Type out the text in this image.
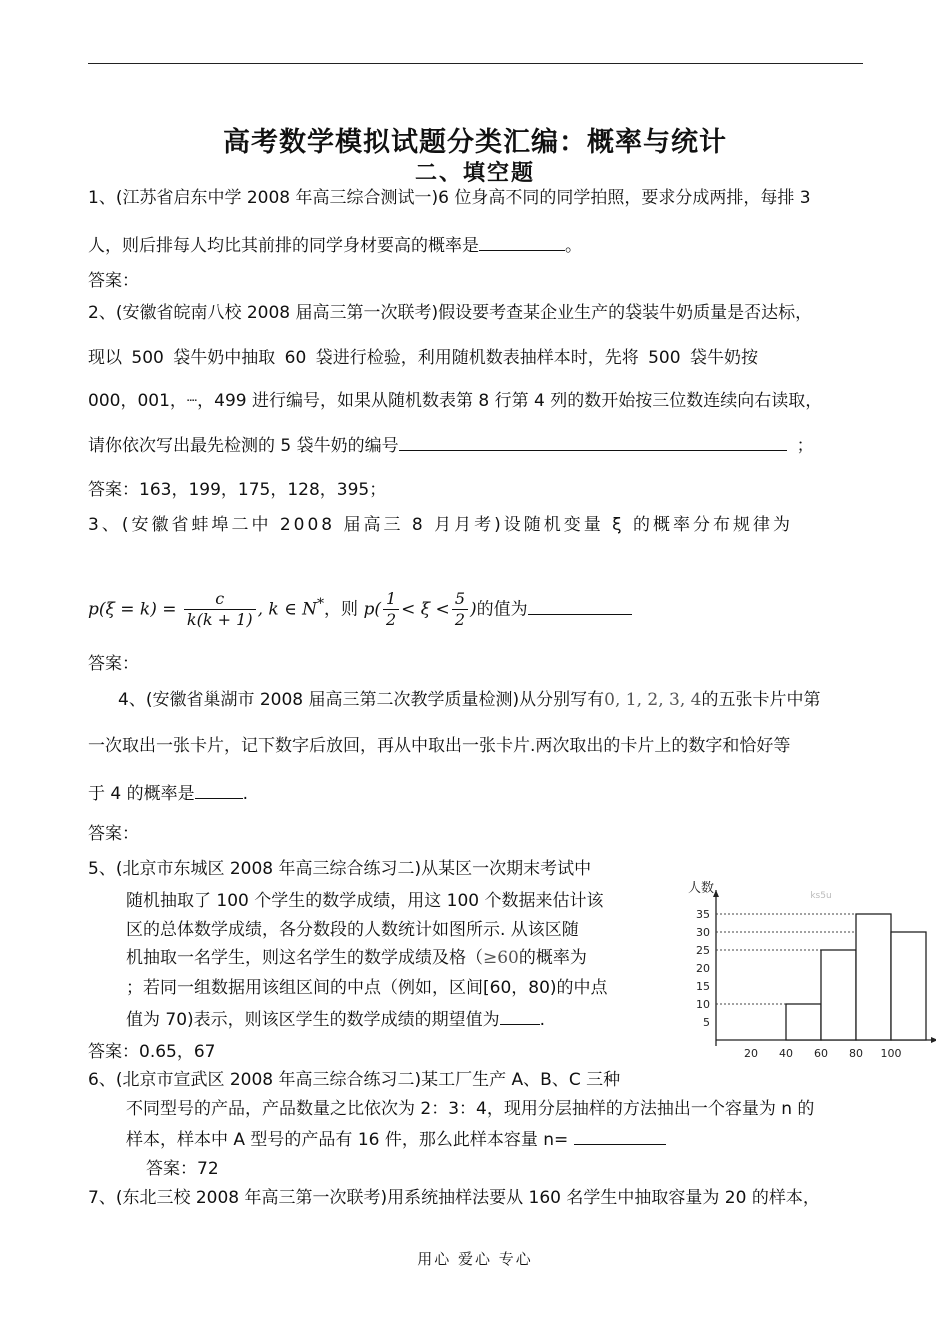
高考数学模拟试题分类汇编：概率与统计
二、填空题
1、(江苏省启东中学 2008 年高三综合测试一)6 位身高不同的同学拍照，要求分成两排，每排 3
人，则后排每人均比其前排的同学身材要高的概率是	。
答案：
2、(安徽省皖南八校 2008 届高三第一次联考)假设要考查某企业生产的袋装牛奶质量是否达标，
现以 500 袋牛奶中抽取 60 袋进行检验，利用随机数表抽样本时，先将 500 袋牛奶按
000，001，┈，499 进行编号，如果从随机数表第 8 行第 4 列的数开始按三位数连续向右读取，
请你依次写出最先检测的 5 袋牛奶的编号	；
答案：163，199，175，128，395；
3、(安徽省蚌埠二中 2008 届高三 8 月月考)设随机变量 ξ 的概率分布规律为
$p(\xi = k) = \frac{c}{k(k + 1)}$ , k ∈ N*，则 $p( \frac{1}{2} < \xi < \frac{5}{2}$ )的值为
答案：
4、(安徽省巢湖市 2008 届高三第二次教学质量检测)从分别写有0, 1, 2, 3, 4的五张卡片中第
一次取出一张卡片，记下数字后放回，再从中取出一张卡片.两次取出的卡片上的数字和恰好等
于 4 的概率是	.
答案：
5、(北京市东城区 2008 年高三综合练习二)从某区一次期末考试中
随机抽取了 100 个学生的数学成绩，用这 100 个数据来估计该
区的总体数学成绩，各分数段的人数统计如图所示. 从该区随
机抽取一名学生，则这名学生的数学成绩及格（≥60的概率为
；若同一组数据用该组区间的中点（例如，区间[60，80)的中点
值为 70)表示，则该区学生的数学成绩的期望值为 .
答案：0.65，67
5
10
15
20
25
30
35
20 40 60 80 100
人数	ks5u
6、(北京市宣武区 2008 年高三综合练习二)某工厂生产 A、B、C 三种
不同型号的产品，产品数量之比依次为 2：3：4，现用分层抽样的方法抽出一个容量为 n 的
样本，样本中 A 型号的产品有 16 件，那么此样本容量 n=
答案：72
7、(东北三校 2008 年高三第一次联考)用系统抽样法要从 160 名学生中抽取容量为 20 的样本，
用心 爱心 专心
